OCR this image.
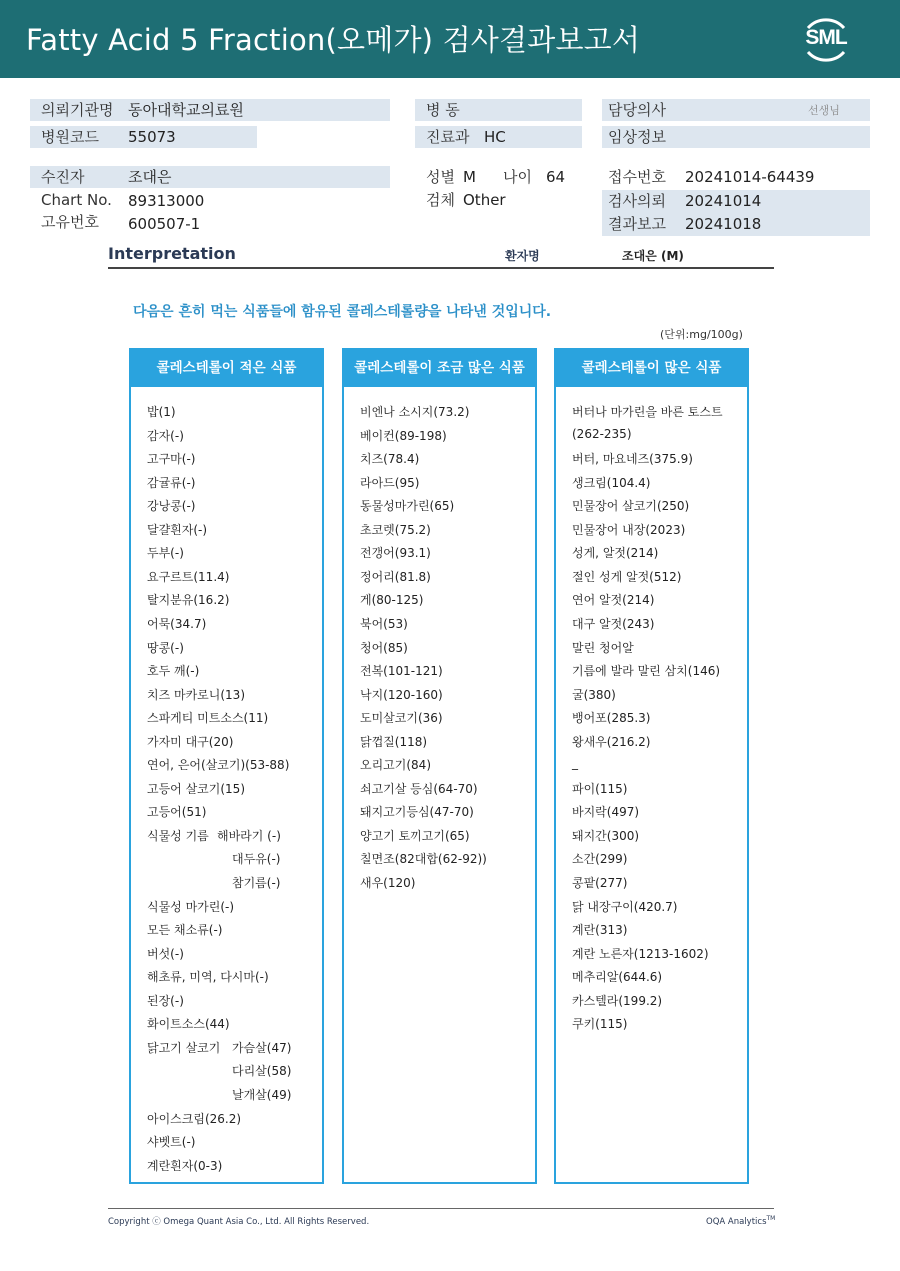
Fatty Acid 5 Fraction(오메가) 검사결과보고서	SML
의뢰기관명 동아대학교의료원	병 동	담당의사	선생님
병원코드 55073	진료과 HC	임상정보
수진자	조대은	성별 M 나이 64	접수번호 20241014-64439
Chart No. 89313000	검체 Other	검사의뢰 20241014
고유번호 600507-1	결과보고 20241018
Interpretation	환자명	조대은 (M)
다음은 흔히 먹는 식품들에 함유된 콜레스테롤량을 나타낸 것입니다.
(단위:mg/100g)
콜레스테롤이 적은 식품
밥(1)
감자(-)
고구마(-)
감귤류(-)
강낭콩(-)
달걀흰자(-)
두부(-)
요구르트(11.4)
탈지분유(16.2)
어묵(34.7)
땅콩(-)
호두 깨(-)
치즈 마카로니(13)
스파게티 미트소스(11)
가자미 대구(20)
연어, 은어(살코기)(53-88)
고등어 살코기(15)
고등어(51)
식물성 기름 해바라기 (-)
대두유(-)
참기름(-)
식물성 마가린(-)
모든 채소류(-)
버섯(-)
해초류, 미역, 다시마(-)
된장(-)
화이트소스(44)
닭고기 살코기 가슴살(47)
다리살(58)
날개살(49)
아이스크림(26.2)
샤벳트(-)
계란흰자(0-3)
콜레스테롤이 조금 많은 식품
비엔나 소시지(73.2)
베이컨(89-198)
치즈(78.4)
라아드(95)
동물성마가린(65)
초코렛(75.2)
전갱어(93.1)
정어리(81.8)
게(80-125)
북어(53)
청어(85)
전복(101-121)
낙지(120-160)
도미살코기(36)
닭껍질(118)
오리고기(84)
쇠고기살 등심(64-70)
돼지고기등심(47-70)
양고기 토끼고기(65)
칠면조(82대합(62-92))
새우(120)
콜레스테롤이 많은 식품
버터나 마가린을 바른 토스트
(262-235)
버터, 마요네즈(375.9)
생크림(104.4)
민물장어 살코기(250)
민물장어 내장(2023)
성게, 알젓(214)
절인 성게 알젓(512)
연어 알젓(214)
대구 알젓(243)
말린 청어알
기름에 발라 말린 삼치(146)
굴(380)
뱅어포(285.3)
왕새우(216.2)
_
파이(115)
바지락(497)
돼지간(300)
소간(299)
콩팥(277)
닭 내장구이(420.7)
계란(313)
계란 노른자(1213-1602)
메추리알(644.6)
카스텔라(199.2)
쿠키(115)
Copyright ⓒ Omega Quant Asia Co., Ltd. All Rights Reserved.	OQA Analytics™
